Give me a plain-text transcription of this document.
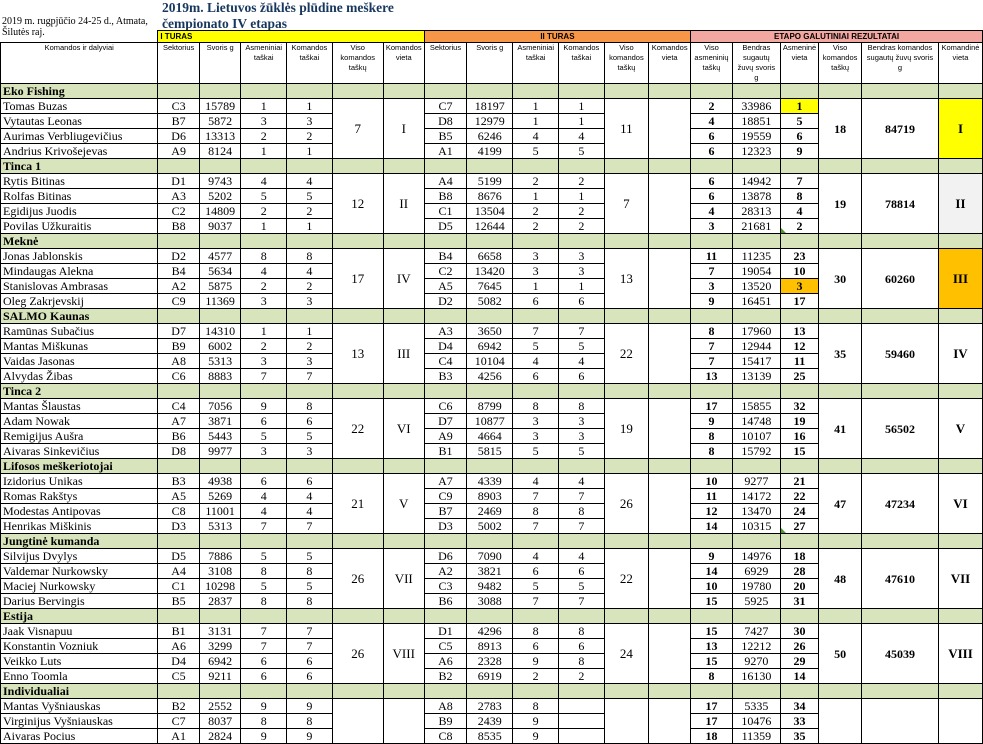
2019 m. rugpjūčio 24-25 d., Atmata, Šilutės raj.
2019m. Lietuvos žūklės plūdine meškere
čempionato IV etapas
	I TURAS						II TURAS						ETAPO GALUTINIAI REZULTATAI					
Komandos ir dalyviai	Sektorius	Svoris g	Asmeniniai taškai	Komandos taškai	Viso komandos taškų	Komandos vieta	Sektorius	Svoris g	Asmeniniai taškai	Komandos taškai	Viso komandos taškų	Komandos vieta	Viso asmeninių taškų	Bendras sugautų žuvų svoris g	Asmeninė vieta	Viso komandos taškų	Bendras komandos sugautų žuvų svoris g	Komandinė vieta
Eko Fishing																		
Tomas Buzas	C3	15789	1	1	7	I	C7	18197	1	1	11		2	33986	1	18	84719	I
Vytautas Leonas	B7	5872	3	3			D8	12979	1	1			4	18851	5			
Aurimas Verbliugevičius	D6	13313	2	2			B5	6246	4	4			6	19559	6			
Andrius Krivošejevas	A9	8124	1	1			A1	4199	5	5			6	12323	9			
Tinca 1																		
Rytis Bitinas	D1	9743	4	4	12	II	A4	5199	2	2	7		6	14942	7	19	78814	II
Rolfas Bitinas	A3	5202	5	5			B8	8676	1	1			6	13878	8			
Egidijus Juodis	C2	14809	2	2			C1	13504	2	2			4	28313	4			
Povilas Užkuraitis	B8	9037	1	1			D5	12644	2	2			3	21681	2			
Meknė																		
Jonas Jablonskis	D2	4577	8	8	17	IV	B4	6658	3	3	13		11	11235	23	30	60260	III
Mindaugas Alekna	B4	5634	4	4			C2	13420	3	3			7	19054	10			
Stanislovas Ambrasas	A2	5875	2	2			A5	7645	1	1			3	13520	3			
Oleg Zakrjevskij	C9	11369	3	3			D2	5082	6	6			9	16451	17			
SALMO Kaunas																		
Ramūnas Subačius	D7	14310	1	1	13	III	A3	3650	7	7	22		8	17960	13	35	59460	IV
Mantas Miškunas	B9	6002	2	2			D4	6942	5	5			7	12944	12			
Vaidas Jasonas	A8	5313	3	3			C4	10104	4	4			7	15417	11			
Alvydas Žibas	C6	8883	7	7			B3	4256	6	6			13	13139	25			
Tinca 2																		
Mantas Šlaustas	C4	7056	9	8	22	VI	C6	8799	8	8	19		17	15855	32	41	56502	V
Adam Nowak	A7	3871	6	6			D7	10877	3	3			9	14748	19			
Remigijus Aušra	B6	5443	5	5			A9	4664	3	3			8	10107	16			
Aivaras Sinkevičius	D8	9977	3	3			B1	5815	5	5			8	15792	15			
Lifosos meškeriotojai																		
Izidorius Unikas	B3	4938	6	6	21	V	A7	4339	4	4	26		10	9277	21	47	47234	VI
Romas Rakštys	A5	5269	4	4			C9	8903	7	7			11	14172	22			
Modestas Antipovas	C8	11001	4	4			B7	2469	8	8			12	13470	24			
Henrikas Miškinis	D3	5313	7	7			D3	5002	7	7			14	10315	27			
Jungtinė kumanda																		
Silvijus Dvylys	D5	7886	5	5	26	VII	D6	7090	4	4	22		9	14976	18	48	47610	VII
Valdemar Nurkowsky	A4	3108	8	8			A2	3821	6	6			14	6929	28			
Maciej Nurkowsky	C1	10298	5	5			C3	9482	5	5			10	19780	20			
Darius Bervingis	B5	2837	8	8			B6	3088	7	7			15	5925	31			
Estija																		
Jaak Visnapuu	B1	3131	7	7	26	VIII	D1	4296	8	8	24		15	7427	30	50	45039	VIII
Konstantin Vozniuk	A6	3299	7	7			C5	8913	6	6			13	12212	26			
Veikko Luts	D4	6942	6	6			A6	2328	9	8			15	9270	29			
Enno Toomla	C5	9211	6	6			B2	6919	2	2			8	16130	14			
Individualiai																		
Mantas Vyšniauskas	B2	2552	9	9			A8	2783	8				17	5335	34			
Virginijus Vyšniauskas	C7	8037	8	8			B9	2439	9				17	10476	33			
Aivaras Pocius	A1	2824	9	9			C8	8535	9				18	11359	35			
